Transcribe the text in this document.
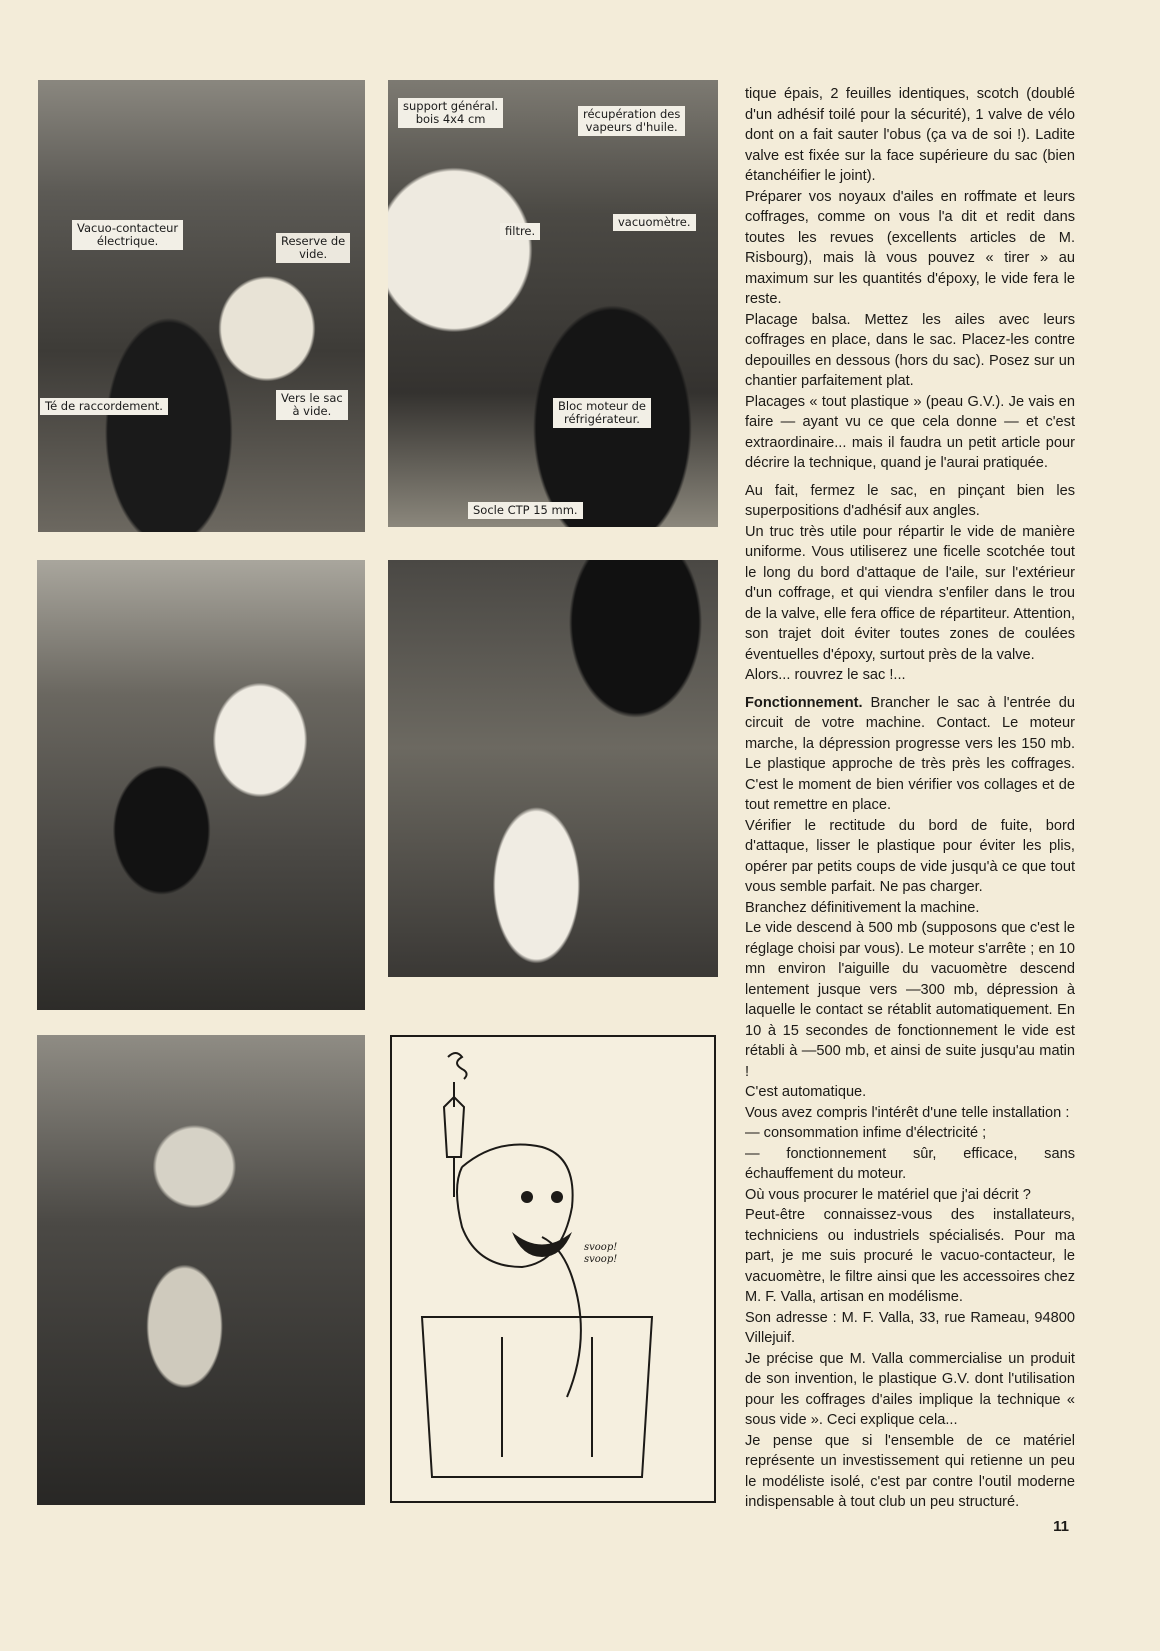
Vacuo-contacteur
électrique.	Reserve de
vide.
Vers le sac
à vide.
Té de raccordement.
support général.
bois 4x4 cm	récupération des
vapeurs d'huile.
filtre.
vacuomètre.
Bloc moteur de
réfrigérateur.
Socle CTP 15 mm.
svoop!
svoop!

tique épais, 2 feuilles identiques, scotch (doublé d'un adhésif toilé pour la sécurité), 1 valve de vélo dont on a fait sauter l'obus (ça va de soi !). Ladite valve est fixée sur la face supérieure du sac (bien étanchéifier le joint).

Préparer vos noyaux d'ailes en roffmate et leurs coffrages, comme on vous l'a dit et redit dans toutes les revues (excellents articles de M. Risbourg), mais là vous pouvez « tirer » au maximum sur les quantités d'époxy, le vide fera le reste.

Placage balsa. Mettez les ailes avec leurs coffrages en place, dans le sac. Placez-les contre depouilles en dessous (hors du sac). Posez sur un chantier parfaitement plat.

Placages « tout plastique » (peau G.V.). Je vais en faire — ayant vu ce que cela donne — et c'est extraordinaire... mais il faudra un petit article pour décrire la technique, quand je l'aurai pratiquée.

Au fait, fermez le sac, en pinçant bien les superpositions d'adhésif aux angles.

Un truc très utile pour répartir le vide de manière uniforme. Vous utiliserez une ficelle scotchée tout le long du bord d'attaque de l'aile, sur l'extérieur d'un coffrage, et qui viendra s'enfiler dans le trou de la valve, elle fera office de répartiteur. Attention, son trajet doit éviter toutes zones de coulées éventuelles d'époxy, surtout près de la valve.

Alors... rouvrez le sac !...

Fonctionnement. Brancher le sac à l'entrée du circuit de votre machine. Contact. Le moteur marche, la dépression progresse vers les 150 mb. Le plastique approche de très près les coffrages. C'est le moment de bien vérifier vos collages et de tout remettre en place.

Vérifier le rectitude du bord de fuite, bord d'attaque, lisser le plastique pour éviter les plis, opérer par petits coups de vide jusqu'à ce que tout vous semble parfait. Ne pas charger.

Branchez définitivement la machine.

Le vide descend à 500 mb (supposons que c'est le réglage choisi par vous). Le moteur s'arrête ; en 10 mn environ l'aiguille du vacuomètre descend lentement jusque vers —300 mb, dépression à laquelle le contact se rétablit automatiquement. En 10 à 15 secondes de fonctionnement le vide est rétabli à —500 mb, et ainsi de suite jusqu'au matin !

C'est automatique.

Vous avez compris l'intérêt d'une telle installation :

— consommation infime d'électricité ;

— fonctionnement sûr, efficace, sans échauffement du moteur.

Où vous procurer le matériel que j'ai décrit ?

Peut-être connaissez-vous des installateurs, techniciens ou industriels spécialisés. Pour ma part, je me suis procuré le vacuo-contacteur, le vacuomètre, le filtre ainsi que les accessoires chez M. F. Valla, artisan en modélisme.

Son adresse : M. F. Valla, 33, rue Rameau, 94800 Villejuif.

Je précise que M. Valla commercialise un produit de son invention, le plastique G.V. dont l'utilisation pour les coffrages d'ailes implique la technique « sous vide ». Ceci explique cela...

Je pense que si l'ensemble de ce matériel représente un investissement qui retienne un peu le modéliste isolé, c'est par contre l'outil moderne indispensable à tout club un peu structuré.

11
